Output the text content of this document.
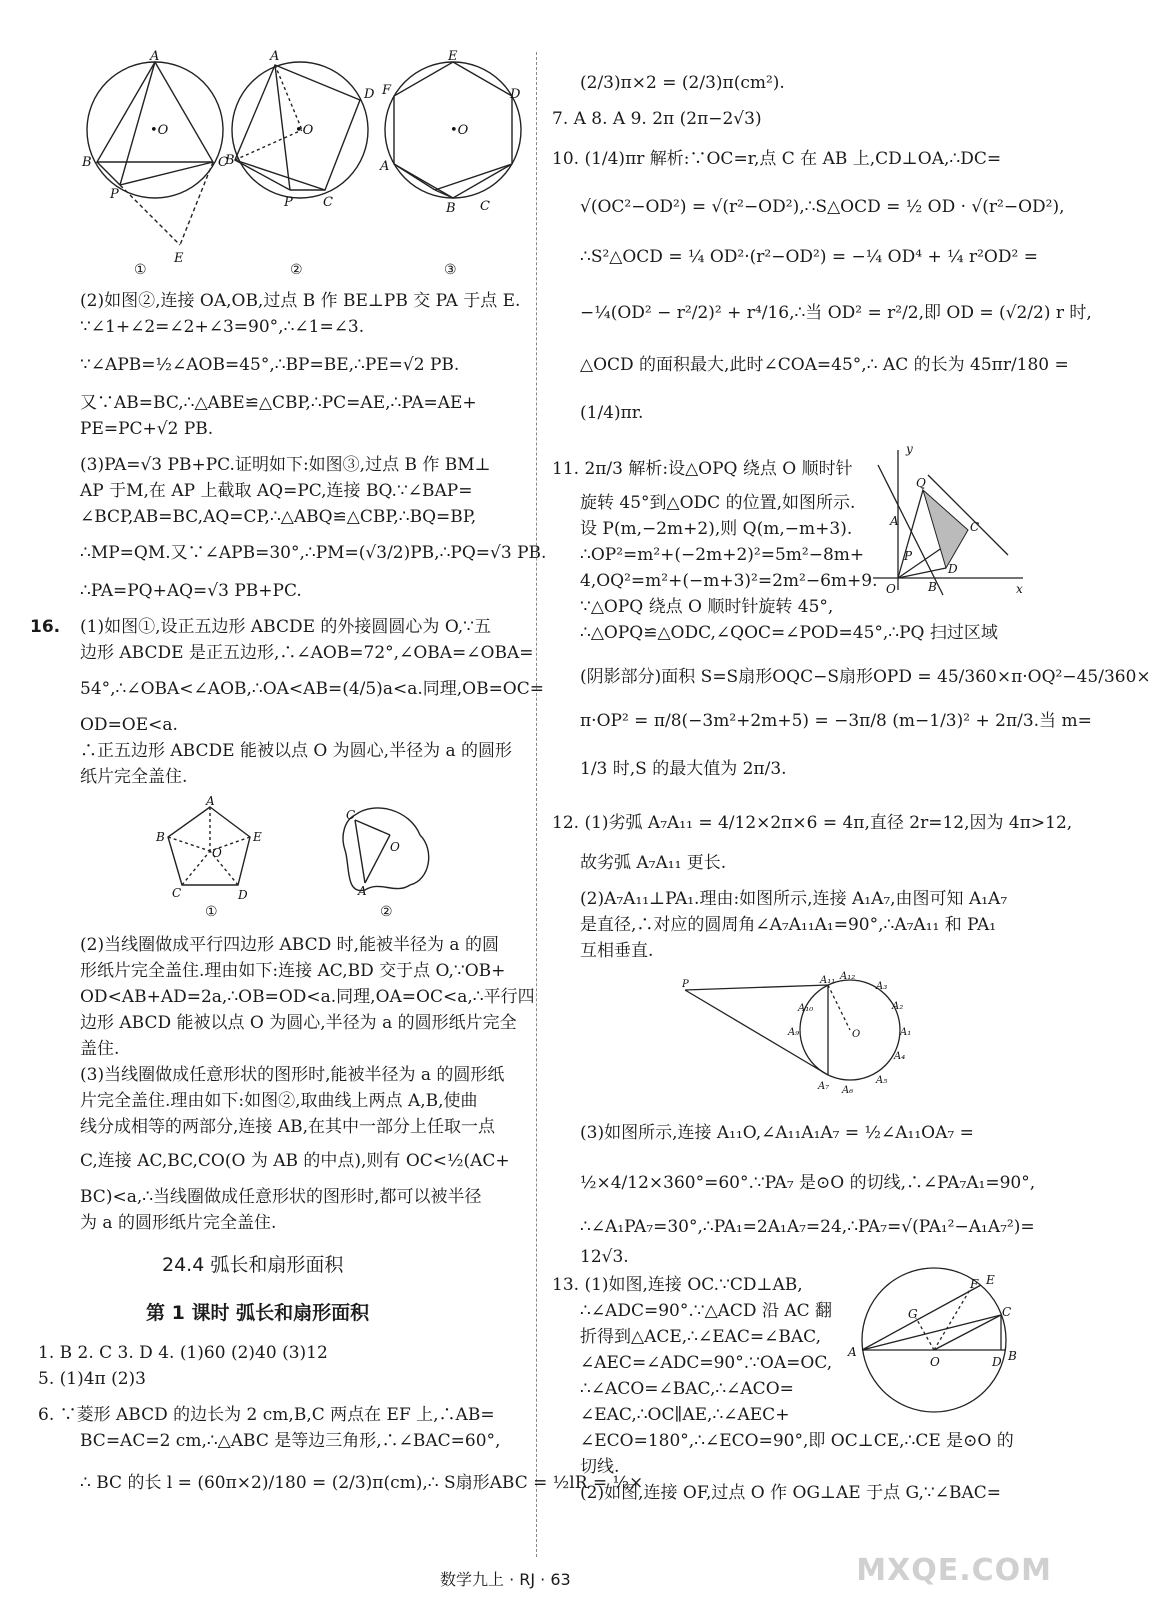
A
B	C
P
E
•O
A
D
B
P C
•O
E
F	D
A
B C
•O
①	②	③
(2)如图②,连接 OA,OB,过点 B 作 BE⊥PB 交 PA 于点 E.
∵∠1+∠2=∠2+∠3=90°,∴∠1=∠3.
∵∠APB=½∠AOB=45°,∴BP=BE,∴PE=√2 PB.
又∵AB=BC,∴△ABE≌△CBP,∴PC=AE,∴PA=AE+
PE=PC+√2 PB.
(3)PA=√3 PB+PC.证明如下:如图③,过点 B 作 BM⊥
AP 于M,在 AP 上截取 AQ=PC,连接 BQ.∵∠BAP=
∠BCP,AB=BC,AQ=CP,∴△ABQ≌△CBP,∴BQ=BP,
∴MP=QM.又∵∠APB=30°,∴PM=(√3/2)PB,∴PQ=√3 PB.
∴PA=PQ+AQ=√3 PB+PC.
16. (1)如图①,设正五边形 ABCDE 的外接圆圆心为 O,∵五
边形 ABCDE 是正五边形,∴∠AOB=72°,∠OBA=∠OBA=
54°,∴∠OBA<∠AOB,∴OA<AB=(4/5)a<a.同理,OB=OC=
OD=OE<a.
∴正五边形 ABCDE 能被以点 O 为圆心,半径为 a 的圆形
纸片完全盖住.
A
B	E
C	D
O
C
O
A
①	②
(2)当线圈做成平行四边形 ABCD 时,能被半径为 a 的圆
形纸片完全盖住.理由如下:连接 AC,BD 交于点 O,∵OB+
OD<AB+AD=2a,∴OB=OD<a.同理,OA=OC<a,∴平行四
边形 ABCD 能被以点 O 为圆心,半径为 a 的圆形纸片完全
盖住.
(3)当线圈做成任意形状的图形时,能被半径为 a 的圆形纸
片完全盖住.理由如下:如图②,取曲线上两点 A,B,使曲
线分成相等的两部分,连接 AB,在其中一部分上任取一点
C,连接 AC,BC,CO(O 为 AB 的中点),则有 OC<½(AC+
BC)<a,∴当线圈做成任意形状的图形时,都可以被半径
为 a 的圆形纸片完全盖住.
24.4 弧长和扇形面积
第 1 课时 弧长和扇形面积
1. B 2. C 3. D 4. (1)60 (2)40 (3)12
5. (1)4π (2)3
6. ∵菱形 ABCD 的边长为 2 cm,B,C 两点在 EF 上,∴AB=
BC=AC=2 cm,∴△ABC 是等边三角形,∴∠BAC=60°,
∴ BC 的长 l = (60π×2)/180 = (2/3)π(cm),∴ S扇形ABC = ½lR = ½×
(2/3)π×2 = (2/3)π(cm²).
7. A 8. A 9. 2π (2π−2√3)
10. (1/4)πr 解析:∵OC=r,点 C 在 AB 上,CD⊥OA,∴DC=
√(OC²−OD²) = √(r²−OD²),∴S△OCD = ½ OD · √(r²−OD²),
∴S²△OCD = ¼ OD²·(r²−OD²) = −¼ OD⁴ + ¼ r²OD² =
−¼(OD² − r²/2)² + r⁴/16,∴当 OD² = r²/2,即 OD = (√2/2) r 时,
△OCD 的面积最大,此时∠COA=45°,∴ AC 的长为 45πr/180 =
(1/4)πr.
11. 2π/3 解析:设△OPQ 绕点 O 顺时针
旋转 45°到△ODC 的位置,如图所示.
设 P(m,−2m+2),则 Q(m,−m+3).
∴OP²=m²+(−2m+2)²=5m²−8m+
4,OQ²=m²+(−m+3)²=2m²−6m+9.
∵△OPQ 绕点 O 顺时针旋转 45°,
∴△OPQ≌△ODC,∠QOC=∠POD=45°,∴PQ 扫过区域
(阴影部分)面积 S=S扇形OQC−S扇形OPD = 45/360×π·OQ²−45/360×
π·OP² = π/8(−3m²+2m+5) = −3π/8 (m−1/3)² + 2π/3.当 m=
1/3 时,S 的最大值为 2π/3.
y
x
O
Q
C
A
B
D
P
12. (1)劣弧 A₇A₁₁ = 4/12×2π×6 = 4π,直径 2r=12,因为 4π>12,
故劣弧 A₇A₁₁ 更长.
(2)A₇A₁₁⊥PA₁.理由:如图所示,连接 A₁A₇,由图可知 A₁A₇
是直径,∴对应的圆周角∠A₇A₁₁A₁=90°,∴A₇A₁₁ 和 PA₁
互相垂直.
P
A₁₂
A₁₁
A₁₀
A₉
A₇ A₆
A₅
A₄
A₁
A₂
A₃
O
(3)如图所示,连接 A₁₁O,∠A₁₁A₁A₇ = ½∠A₁₁OA₇ =
½×4/12×360°=60°.∵PA₇ 是⊙O 的切线,∴∠PA₇A₁=90°,
∴∠A₁PA₇=30°,∴PA₁=2A₁A₇=24,∴PA₇=√(PA₁²−A₁A₇²)=
12√3.
13. (1)如图,连接 OC.∵CD⊥AB,
∴∠ADC=90°.∵△ACD 沿 AC 翻
折得到△ACE,∴∠EAC=∠BAC,
∠AEC=∠ADC=90°.∵OA=OC,
∴∠ACO=∠BAC,∴∠ACO=
∠EAC,∴OC∥AE,∴∠AEC+
∠ECO=180°,∴∠ECO=90°,即 OC⊥CE,∴CE 是⊙O 的
切线.
(2)如图,连接 OF,过点 O 作 OG⊥AE 于点 G,∵∠BAC=
A
O	D B
C
E
F
G
数学九上 · RJ · 63	MXQE.COM
